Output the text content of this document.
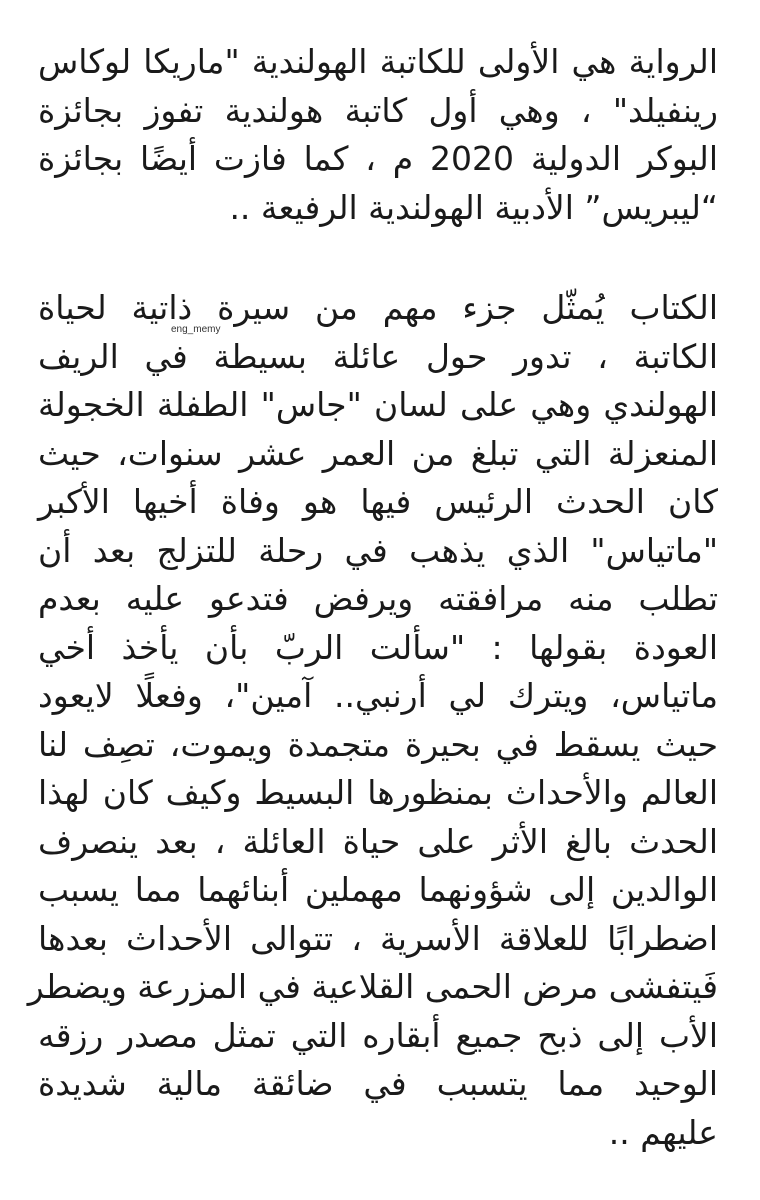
الرواية هي الأولى للكاتبة الهولندية "ماريكا لوكاس
رينفيلد" ، وهي أول كاتبة هولندية تفوز بجائزة
البوكر الدولية 2020 م ، كما فازت أيضًا بجائزة
“ليبريس” الأدبية الهولندية الرفيعة ..
الكتاب يُمثّل جزء مهم من سيرة ذاتية لحياة
الكاتبة ، تدور حول عائلة بسيطة في الريف
الهولندي وهي على لسان "جاس" الطفلة الخجولة
المنعزلة التي تبلغ من العمر عشر سنوات، حيث
كان الحدث الرئيس فيها هو وفاة أخيها الأكبر
"ماتياس" الذي يذهب في رحلة للتزلج بعد أن
تطلب منه مرافقته ويرفض فتدعو عليه بعدم
العودة بقولها : "سألت الربّ بأن يأخذ أخي
ماتياس، ويترك لي أرنبي.. آمين"، وفعلًا لايعود
حيث يسقط في بحيرة متجمدة ويموت، تصِف لنا
العالم والأحداث بمنظورها البسيط وكيف كان لهذا
الحدث بالغ الأثر على حياة العائلة ، بعد ينصرف
الوالدين إلى شؤونهما مهملين أبنائهما مما يسبب
اضطرابًا للعلاقة الأسرية ، تتوالى الأحداث بعدها
فَيتفشى مرض الحمى القلاعية في المزرعة ويضطر
الأب إلى ذبح جميع أبقاره التي تمثل مصدر رزقه
الوحيد مما يتسبب في ضائقة مالية شديدة
عليهم ..
eng_memy
